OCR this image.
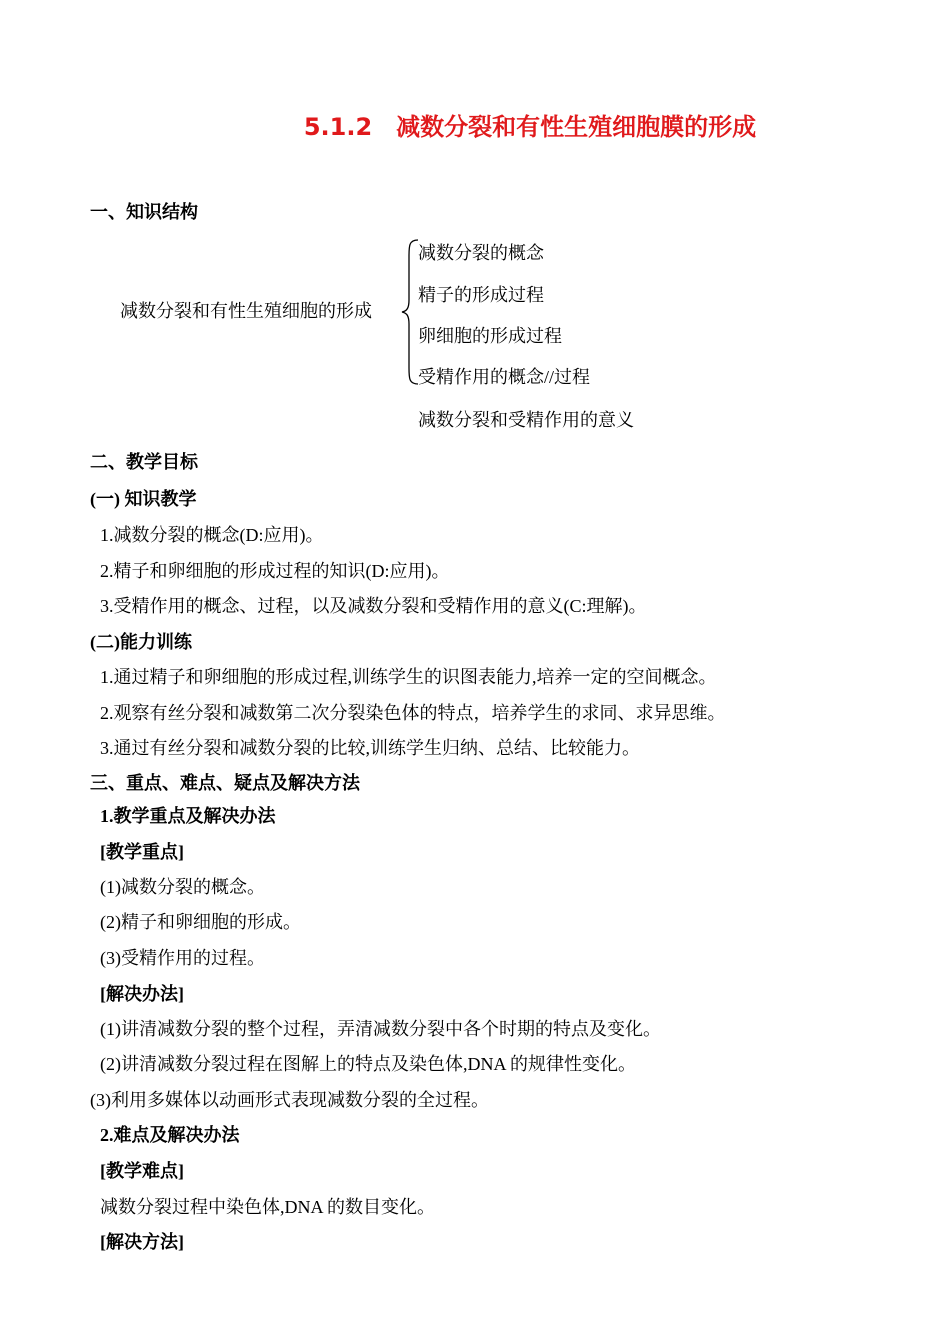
5.1.2　减数分裂和有性生殖细胞膜的形成
一、知识结构
减数分裂和有性生殖细胞的形成
减数分裂的概念
精子的形成过程
卵细胞的形成过程
受精作用的概念//过程
减数分裂和受精作用的意义
二、教学目标
(一) 知识教学
1.减数分裂的概念(D:应用)。
2.精子和卵细胞的形成过程的知识(D:应用)。
3.受精作用的概念、过程，以及减数分裂和受精作用的意义(C:理解)。
(二)能力训练
1.通过精子和卵细胞的形成过程,训练学生的识图表能力,培养一定的空间概念。
2.观察有丝分裂和减数第二次分裂染色体的特点，培养学生的求同、求异思维。
3.通过有丝分裂和减数分裂的比较,训练学生归纳、总结、比较能力。
三、重点、难点、疑点及解决方法
1.教学重点及解决办法
[教学重点]
(1)减数分裂的概念。
(2)精子和卵细胞的形成。
(3)受精作用的过程。
[解决办法]
(1)讲清减数分裂的整个过程，弄清减数分裂中各个时期的特点及变化。
(2)讲清减数分裂过程在图解上的特点及染色体,DNA 的规律性变化。
(3)利用多媒体以动画形式表现减数分裂的全过程。
2.难点及解决办法
[教学难点]
减数分裂过程中染色体,DNA 的数目变化。
[解决方法]
